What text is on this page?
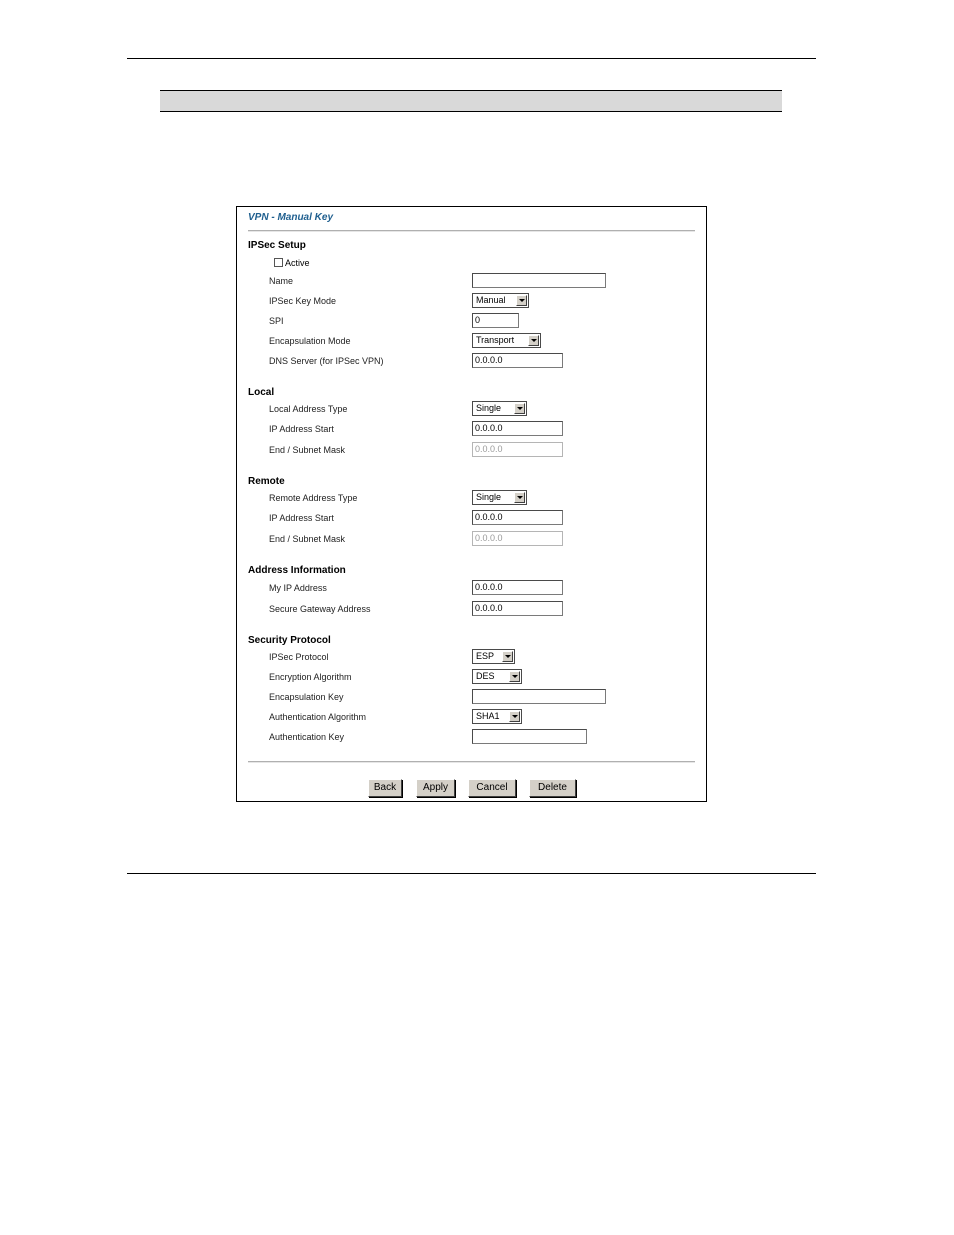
VPN - Manual Key
IPSec Setup
Active
Name
IPSec Key Mode	Manual
SPI	0
Encapsulation Mode	Transport
DNS Server (for IPSec VPN)	0.0.0.0
Local
Local Address Type	Single
IP Address Start	0.0.0.0
End / Subnet Mask	0.0.0.0
Remote
Remote Address Type	Single
IP Address Start	0.0.0.0
End / Subnet Mask	0.0.0.0
Address Information
My IP Address	0.0.0.0
Secure Gateway Address	0.0.0.0
Security Protocol
IPSec Protocol	ESP
Encryption Algorithm	DES
Encapsulation Key
Authentication Algorithm	SHA1
Authentication Key
Back	Apply	Cancel	Delete
